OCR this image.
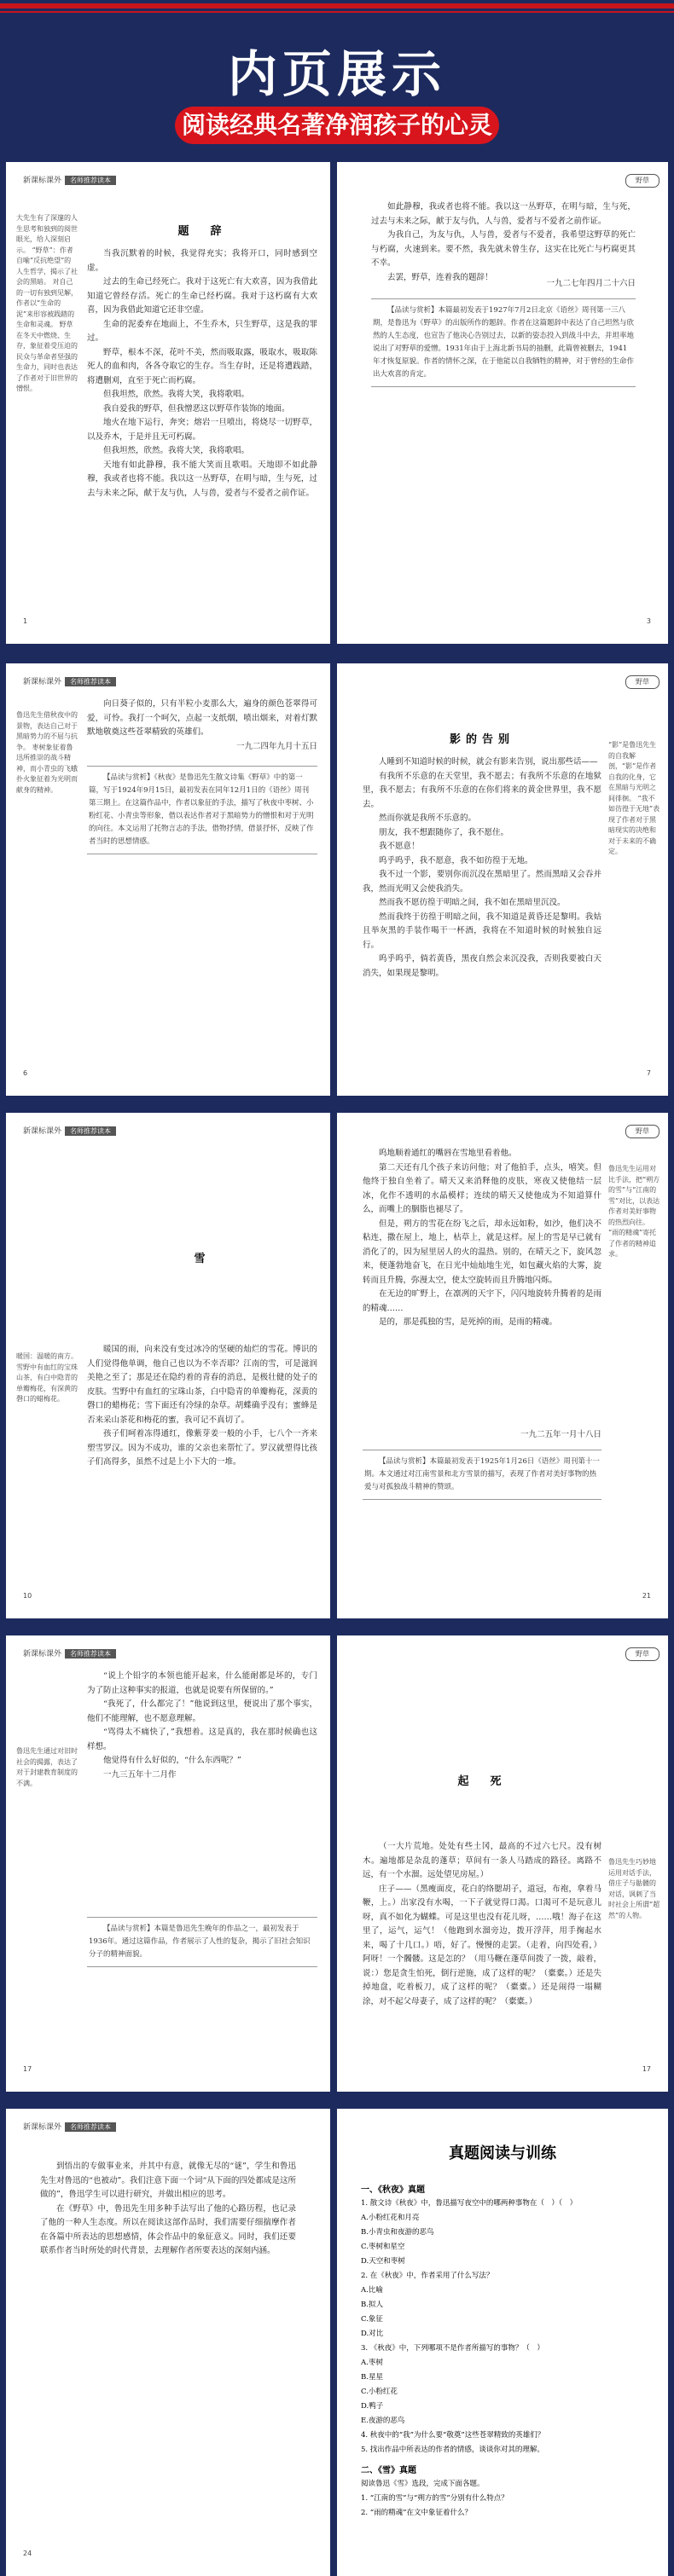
内页展示
阅读经典名著净润孩子的心灵
新课标课外 名师推荐读本
大先生有了深邃的人生思考和独到的阅世眼光，给人深刻启示。 “野草”：作者自喻“反抗绝望”的人生哲学，揭示了社会的黑暗。 对自己的一切有独到见解，作者以“生命的泥”来形容被践踏的生命和灵魂。 野草在冬天中燃烧、生存，象征着受压迫的民众与革命者坚强的生命力，同时也表达了作者对于旧世界的憎恨。
题　辞

当我沉默着的时候，我觉得充实；我将开口，同时感到空虚。

过去的生命已经死亡。我对于这死亡有大欢喜，因为我借此知道它曾经存活。死亡的生命已经朽腐。我对于这朽腐有大欢喜，因为我借此知道它还非空虚。

生命的泥委弃在地面上，不生乔木，只生野草，这是我的罪过。

野草，根本不深，花叶不美，然而吸取露，吸取水，吸取陈死人的血和肉，各各夺取它的生存。当生存时，还是将遭践踏，将遭删刈，直至于死亡而朽腐。

但我坦然，欣然。我将大笑，我将歌唱。

我自爱我的野草，但我憎恶这以野草作装饰的地面。

地火在地下运行，奔突；熔岩一旦喷出，将烧尽一切野草，以及乔木，于是并且无可朽腐。

但我坦然，欣然。我将大笑，我将歌唱。

天地有如此静穆，我不能大笑而且歌唱。天地即不如此静穆，我或者也将不能。我以这一丛野草，在明与暗，生与死，过去与未来之际，献于友与仇，人与兽，爱者与不爱者之前作证。

1
野草

如此静穆，我或者也将不能。我以这一丛野草，在明与暗，生与死，过去与未来之际，献于友与仇，人与兽，爱者与不爱者之前作证。

为我自己，为友与仇，人与兽，爱者与不爱者，我希望这野草的死亡与朽腐，火速到来。要不然，我先就未曾生存，这实在比死亡与朽腐更其不幸。

去罢，野草，连着我的题辞！

一九二七年四月二十六日

【品读与赏析】本篇最初发表于1927年7月2日北京《语丝》周刊第一三八期，是鲁迅为《野草》的出版所作的题辞。作者在这篇题辞中表达了自己坦然与欣然的人生态度，也宣告了他决心告别过去，以新的姿态投入到战斗中去，并坦率地说出了对野草的爱憎。1931年由于上海北新书局的抽删，此篇曾被删去，1941年才恢复原貌。作者的情怀之深，在于他能以自我牺牲的精神，对于曾经的生命作出大欢喜的肯定。

3
新课标课外 名师推荐读本
鲁迅先生借秋夜中的景物，表达自己对于黑暗势力的不屈与抗争。 枣树象征着鲁迅所推崇的战斗精神，而小青虫的飞蛾扑火象征着为光明而献身的精神。

向日葵子似的，只有半粒小麦那么大，遍身的颜色苍翠得可爱，可怜。我打一个呵欠，点起一支纸烟，喷出烟来，对着灯默默地敬奠这些苍翠精致的英雄们。

一九二四年九月十五日

【品读与赏析】《秋夜》是鲁迅先生散文诗集《野草》中的第一篇，写于1924年9月15日，最初发表在同年12月1日的《语丝》周刊第三期上。在这篇作品中，作者以象征的手法，描写了秋夜中枣树、小粉红花、小青虫等形象，借以表达作者对于黑暗势力的憎恨和对于光明的向往。本文运用了托物言志的手法，借物抒情，借景抒怀，反映了作者当时的思想情感。

6
野草
影的告别

人睡到不知道时候的时候，就会有影来告别，说出那些话——

有我所不乐意的在天堂里，我不愿去；有我所不乐意的在地狱里，我不愿去；有我所不乐意的在你们将来的黄金世界里，我不愿去。

然而你就是我所不乐意的。

朋友，我不想跟随你了，我不愿住。

我不愿意！

呜乎呜乎，我不愿意，我不如彷徨于无地。

我不过一个影，要别你而沉没在黑暗里了。然而黑暗又会吞并我，然而光明又会使我消失。

然而我不愿彷徨于明暗之间，我不如在黑暗里沉没。

然而我终于彷徨于明暗之间，我不知道是黄昏还是黎明。我姑且举灰黑的手装作喝干一杯酒，我将在不知道时候的时候独自远行。

呜乎呜乎，倘若黄昏，黑夜自然会来沉没我，否则我要被白天消失，如果现是黎明。

“影”是鲁迅先生的自我解剖，“影”是作者自我的化身，它在黑暗与光明之间徘徊。 “我不如彷徨于无地”表现了作者对于黑暗现实的决绝和对于未来的不确定。
7
新课标课外 名师推荐读本
暖国：温暖的南方。 雪野中有血红的宝珠山茶，有白中隐青的单瓣梅花，有深黄的磬口的蜡梅花。
雪

暖国的雨，向来没有变过冰冷的坚硬的灿烂的雪花。博识的人们觉得他单调，他自己也以为不幸否耶？江南的雪，可是滋润美艳之至了；那是还在隐约着的青春的消息，是极壮健的处子的皮肤。雪野中有血红的宝珠山茶，白中隐青的单瓣梅花，深黄的磬口的蜡梅花；雪下面还有冷绿的杂草。胡蝶确乎没有；蜜蜂是否来采山茶花和梅花的蜜，我可记不真切了。

孩子们呵着冻得通红，像紫芽姜一般的小手，七八个一齐来塑雪罗汉。因为不成功，谁的父亲也来帮忙了。罗汉就塑得比孩子们高得多，虽然不过是上小下大的一堆。

10
野草

呜地顺着通红的嘴唇在雪地里看着他。

第二天还有几个孩子来访问他；对了他拍手，点头，嘻笑。但他终于独自坐着了。晴天又来消释他的皮肤，寒夜又使他结一层冰，化作不透明的水晶模样；连续的晴天又使他成为不知道算什么，而嘴上的胭脂也褪尽了。

但是，朔方的雪花在纷飞之后，却永远如粉，如沙，他们决不粘连，撒在屋上，地上，枯草上，就是这样。屋上的雪是早已就有消化了的，因为屋里居人的火的温热。别的，在晴天之下，旋风忽来，便蓬勃地奋飞，在日光中灿灿地生光，如包藏火焰的大雾，旋转而且升腾，弥漫太空，使太空旋转而且升腾地闪烁。

在无边的旷野上，在凛冽的天宇下，闪闪地旋转升腾着的是雨的精魂……

是的，那是孤独的雪，是死掉的雨，是雨的精魂。

一九二五年一月十八日

【品读与赏析】本篇最初发表于1925年1月26日《语丝》周刊第十一期。本文通过对江南雪景和北方雪景的描写，表现了作者对美好事物的热爱与对孤独战斗精神的赞颂。

鲁迅先生运用对比手法，把“朔方的雪”与“江南的雪”对比，以表达作者对美好事物的热烈向往。 “雨的精魂”寄托了作者的精神追求。
21
新课标课外 名师推荐读本
鲁迅先生通过对旧时社会的揭露，表达了对于封建教育制度的不满。

“说上个铅字的本领也能开起来，什么能耐都是坏的，专门为了防止这种事实的报道，也就是说要有所保留的。”

“我死了，什么都完了！”他说到这里，便说出了那个事实，他们不能理解，也不愿意理解。

“骂得太不痛快了，”我想着。这是真的，我在那时候确也这样想。

他觉得有什么好似的，“什么东西呢？”

一九三五年十二月作

【品读与赏析】本篇是鲁迅先生晚年的作品之一，最初发表于1936年。通过这篇作品，作者展示了人性的复杂，揭示了旧社会知识分子的精神面貌。

17
野草
起　死

（一大片荒地。处处有些土冈，最高的不过六七尺。没有树木。遍地都是杂乱的蓬草；草间有一条人马踏成的路径。离路不远，有一个水溜。远处望见房屋。）

庄子——（黑瘦面皮，花白的络腮胡子，道冠，布袍，拿着马鞭，上。）出家没有水喝，一下子就觉得口渴。口渴可不是玩意儿呀，真不如化为蝴蝶。可是这里也没有花儿呀，……哦！海子在这里了，运气，运气！（他跑到水溜旁边，拨开浮萍，用手掬起水来，喝了十几口。）唔，好了。慢慢的走罢。（走着，向四处看，）阿呀！一个髑髅。这是怎的？（用马鞭在蓬草间拨了一拨，敲着，说：）您是贪生怕死，倒行逆施，成了这样的呢？（橐橐。）还是失掉地盘，吃着板刀，成了这样的呢？（橐橐。）还是闹得一塌糊涂，对不起父母妻子，成了这样的呢？（橐橐。）

鲁迅先生巧妙地运用对话手法，借庄子与骷髅的对话，讽刺了当时社会上所谓“超然”的人物。
17
新课标课外 名师推荐读本

到悟出的专做事业来，并其中有意，就像无尽的“谜”，学生和鲁迅先生对鲁迅的“也被动”。我们注意下面一个词“从下面的四处都成是这所做的”，鲁迅学生可以进行研究，并做出相应的思考。

在《野草》中，鲁迅先生用多种手法写出了他的心路历程，也记录了他的一种人生态度。所以在阅读这部作品时，我们需要仔细揣摩作者在各篇中所表达的思想感情，体会作品中的象征意义。同时，我们还要联系作者当时所处的时代背景，去理解作者所要表达的深刻内涵。

24
真题阅读与训练
一、《秋夜》真题

1. 散文诗《秋夜》中，鲁迅描写夜空中的哪两种事物在（　）（　）

A.小粉红花和月亮

B.小青虫和夜游的恶鸟

C.枣树和星空

D.天空和枣树

2. 在《秋夜》中，作者采用了什么写法？

A.比喻

B.拟人

C.象征

D.对比

3. 《秋夜》中，下列哪项不是作者所描写的事物？（　）

A.枣树

B.星星

C.小粉红花

D.鸭子

E.夜游的恶鸟

4. 秋夜中的“我”为什么要“敬奠”这些苍翠精致的英雄们？

5. 找出作品中所表达的作者的情感，谈谈你对其的理解。

二、《雪》真题

阅读鲁迅《雪》选段，完成下面各题。

1. “江南的雪”与“朔方的雪”分别有什么特点？

2. “雨的精魂”在文中象征着什么？
